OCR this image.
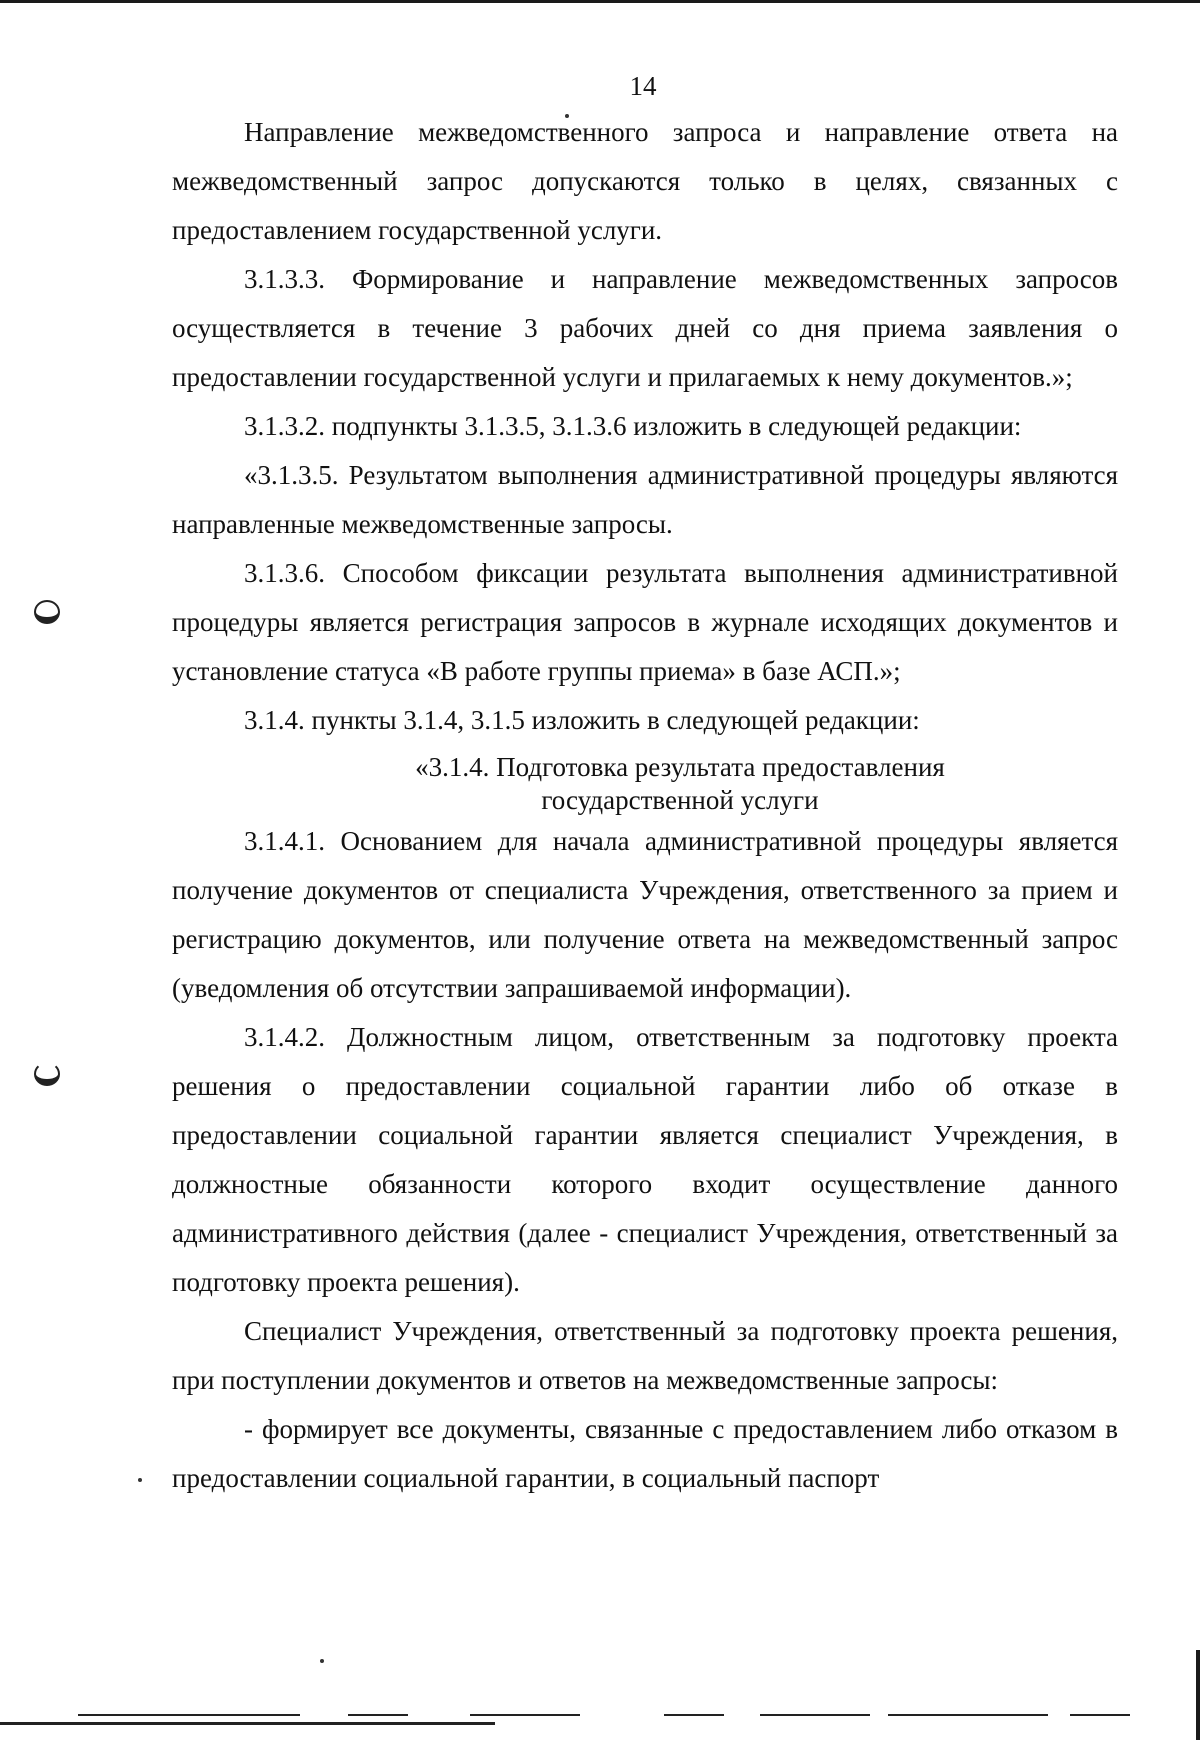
14

Направление межведомственного запроса и направление ответа на межведомственный запрос допускаются только в целях, связанных с предоставлением государственной услуги.

3.1.3.3. Формирование и направление межведомственных запросов осуществляется в течение 3 рабочих дней со дня приема заявления о предоставлении государственной услуги и прилагаемых к нему документов.»;

3.1.3.2. подпункты 3.1.3.5, 3.1.3.6 изложить в следующей редакции:

«3.1.3.5. Результатом выполнения административной процедуры являются направленные межведомственные запросы.

3.1.3.6. Способом фиксации результата выполнения административной процедуры является регистрация запросов в журнале исходящих документов и установление статуса «В работе группы приема» в базе АСП.»;

3.1.4. пункты 3.1.4, 3.1.5 изложить в следующей редакции:

«3.1.4. Подготовка результата предоставления
государственной услуги

3.1.4.1. Основанием для начала административной процедуры является получение документов от специалиста Учреждения, ответственного за прием и регистрацию документов, или получение ответа на межведомственный запрос (уведомления об отсутствии запрашиваемой информации).

3.1.4.2. Должностным лицом, ответственным за подготовку проекта решения о предоставлении социальной гарантии либо об отказе в предоставлении социальной гарантии является специалист Учреждения, в должностные обязанности которого входит осуществление данного административного действия (далее - специалист Учреждения, ответственный за подготовку проекта решения).

Специалист Учреждения, ответственный за подготовку проекта решения, при поступлении документов и ответов на межведомственные запросы:

- формирует все документы, связанные с предоставлением либо отказом в предоставлении социальной гарантии, в социальный паспорт
